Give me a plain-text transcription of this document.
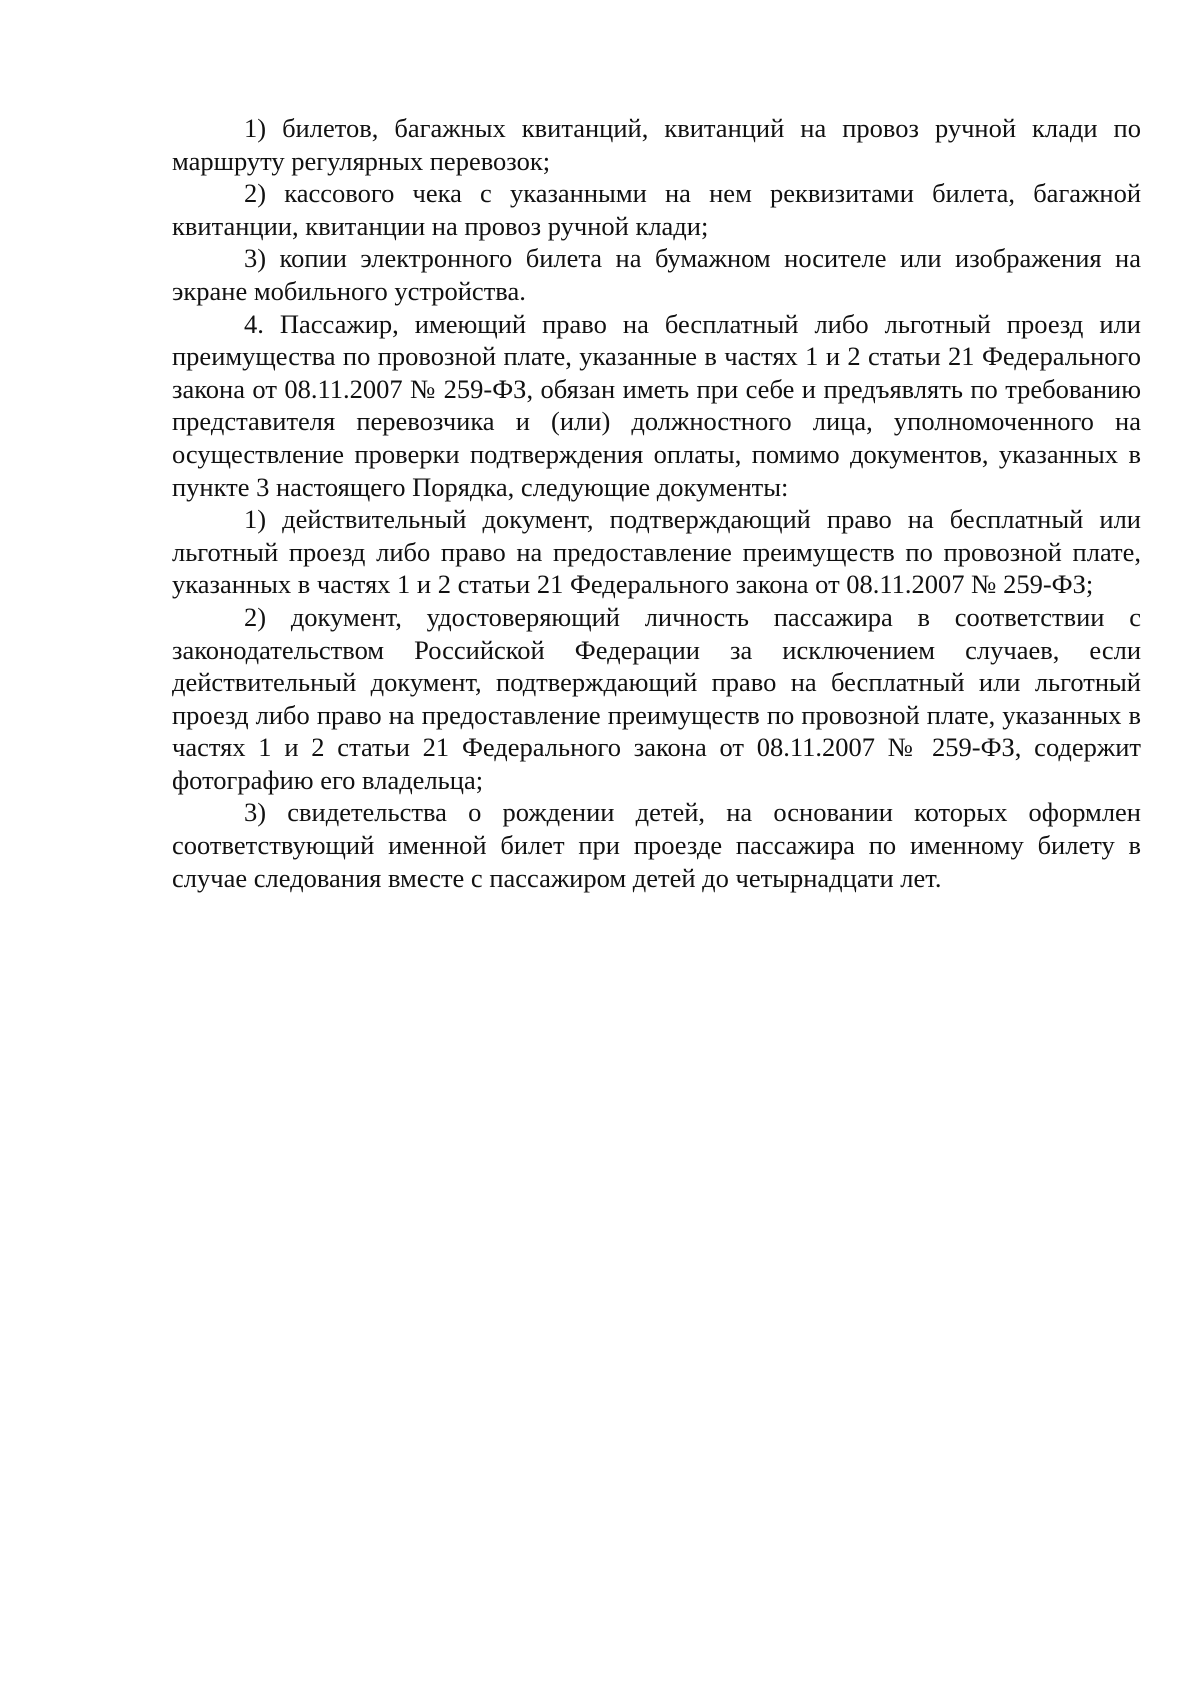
1) билетов, багажных квитанций, квитанций на провоз ручной клади по маршруту регулярных перевозок;

2) кассового чека с указанными на нем реквизитами билета, багажной квитанции, квитанции на провоз ручной клади;

3) копии электронного билета на бумажном носителе или изображения на экране мобильного устройства.

4. Пассажир, имеющий право на бесплатный либо льготный проезд или преимущества по провозной плате, указанные в частях 1 и 2 статьи 21 Федерального закона от 08.11.2007 № 259-ФЗ, обязан иметь при себе и предъявлять по требованию представителя перевозчика и (или) должностного лица, уполномоченного на осуществление проверки подтверждения оплаты, помимо документов, указанных в пункте 3 настоящего Порядка, следующие документы:

1) действительный документ, подтверждающий право на бесплатный или льготный проезд либо право на предоставление преимуществ по провозной плате, указанных в частях 1 и 2 статьи 21 Федерального закона от 08.11.2007 № 259-ФЗ;

2) документ, удостоверяющий личность пассажира в соответствии с законодательством Российской Федерации за исключением случаев, если действительный документ, подтверждающий право на бесплатный или льготный проезд либо право на предоставление преимуществ по провозной плате, указанных в частях 1 и 2 статьи 21 Федерального закона от 08.11.2007 № 259-ФЗ, содержит фотографию его владельца;

3) свидетельства о рождении детей, на основании которых оформлен соответствующий именной билет при проезде пассажира по именному билету в случае следования вместе с пассажиром детей до четырнадцати лет.
